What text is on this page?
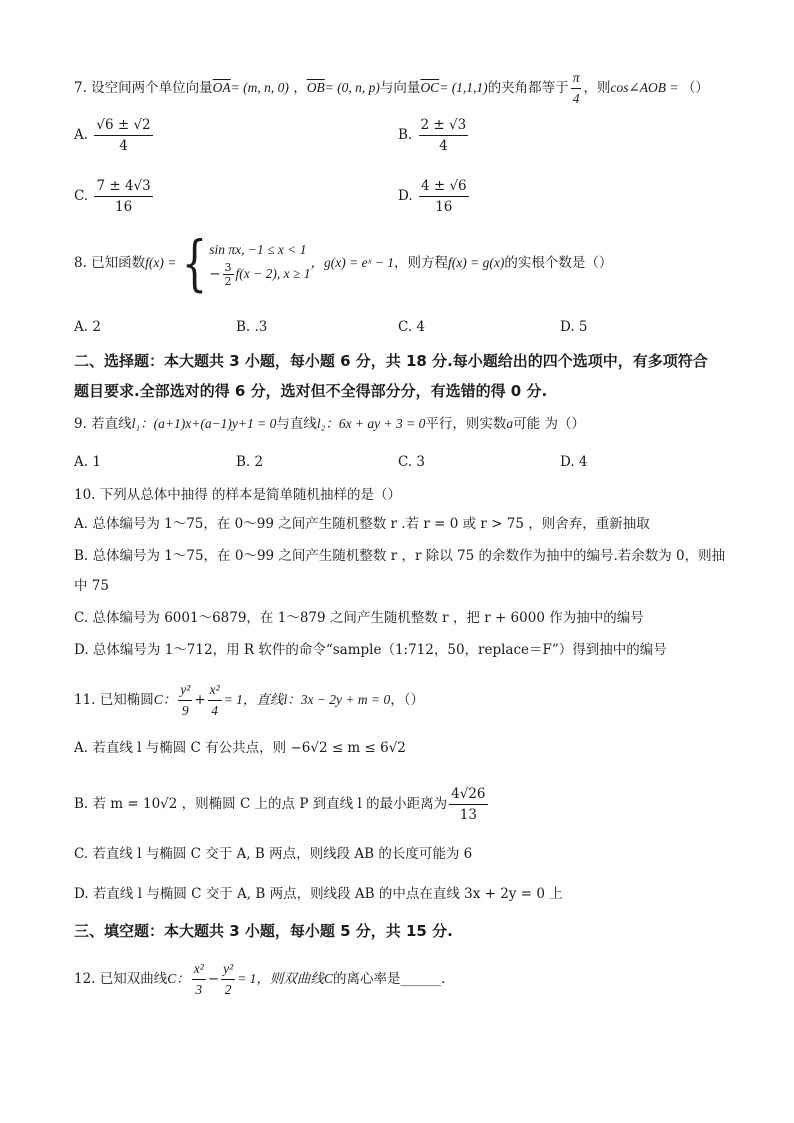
7. 设空间两个单位向量$\overline{OA}= (m$, n, 0) ，$\overline{OB}= (0$, n, p)与向量$\overline{OC}= (1,1,1)$的夹角都等于 $\frac{\pi}{4}$ ，则cos∠AOB = （）
A. $\frac{√6 \pm √2}{4}$	B. $\frac{2 \pm √3}{4}$
C. $\frac{7 \pm 4√3}{16}$	D. $\frac{4 \pm √6}{16}$
8. 已知函数f(x) = { sin πx, −1 ≤ x < 1
− $\frac{3}{2} f(x - 2)$, x ≥ 1
，g(x) = eˣ − 1，则方程f(x) = g(x)的实根个数是（）
A. 2	B. .3	C. 4	D. 5
二、选择题：本大题共 3 小题，每小题 6 分，共 18 分.每小题给出的四个选项中，有多项符合
题目要求.全部选对的得 6 分，选对但不全得部分分，有选错的得 0 分.
9. 若直线l₁：(a+1)x+(a−1)y+1 = 0与直线l₂：6x + ay + 3 = 0平行，则实数a可能 为（）
A. 1	B. 2	C. 3	D. 4
10. 下列从总体中抽得 的样本是简单随机抽样的是（）
A. 总体编号为 1～75，在 0～99 之间产生随机整数 r .若 r = 0 或 r > 75 ，则舍弃，重新抽取
B. 总体编号为 1～75，在 0～99 之间产生随机整数 r ，r 除以 75 的余数作为抽中的编号.若余数为 0，则抽
中 75
C. 总体编号为 6001～6879，在 1～879 之间产生随机整数 r ，把 r + 6000 作为抽中的编号
D. 总体编号为 1～712，用 R 软件的命令“sample（1:712，50，replace＝F”）得到抽中的编号
11. 已知椭圆C： $\frac{\text{y²}}{9} + \frac{\text{x²}}{4} = 1$，直线l：3x − 2y + m = 0，（）
A. 若直线 l 与椭圆 C 有公共点，则 −6√2 ≤ m ≤ 6√2
B. 若 m = 10√2 ，则椭圆 C 上的点 P 到直线 l 的最小距离为 $\frac{4√26}{13}$
C. 若直线 l 与椭圆 C 交于 A, B 两点，则线段 AB 的长度可能为 6
D. 若直线 l 与椭圆 C 交于 A, B 两点，则线段 AB 的中点在直线 3x + 2y = 0 上
三、填空题：本大题共 3 小题，每小题 5 分，共 15 分.
12. 已知双曲线C： $\frac{\text{x²}}{3} - \frac{\text{y²}}{2} = 1$，则双曲线C的离心率是______.
